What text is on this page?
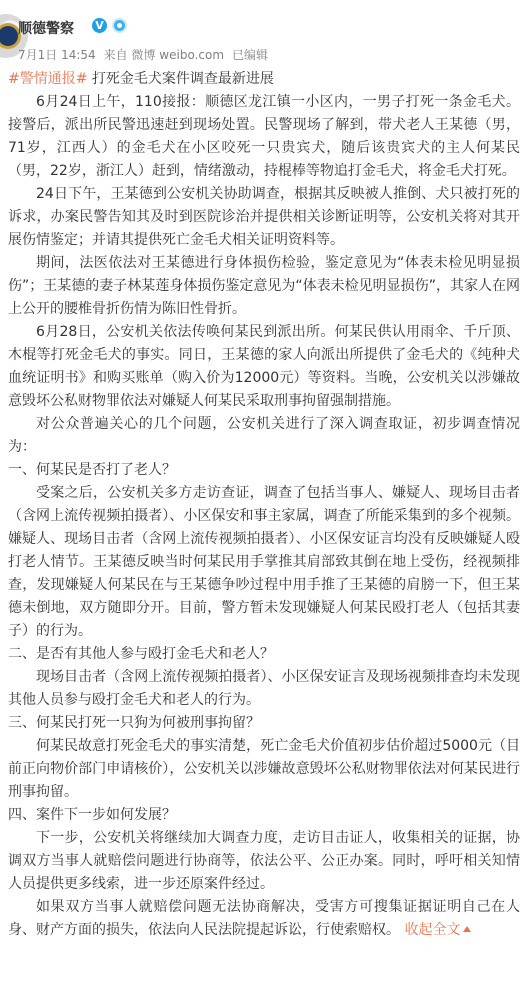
顺德警察 V
7月1日 14:54 来自 微博 weibo.com 已编辑

#警情通报# 打死金毛犬案件调查最新进展

6月24日上午，110接报：顺德区龙江镇一小区内，一男子打死一条金毛犬。接警后，派出所民警迅速赶到现场处置。民警现场了解到，带犬老人王某德（男，71岁，江西人）的金毛犬在小区咬死一只贵宾犬，随后该贵宾犬的主人何某民（男，22岁，浙江人）赶到，情绪激动，持棍棒等物追打金毛犬，将金毛犬打死。

24日下午，王某德到公安机关协助调查，根据其反映被人推倒、犬只被打死的诉求，办案民警告知其及时到医院诊治并提供相关诊断证明等，公安机关将对其开展伤情鉴定；并请其提供死亡金毛犬相关证明资料等。

期间，法医依法对王某德进行身体损伤检验，鉴定意见为“体表未检见明显损伤”；王某德的妻子林某莲身体损伤鉴定意见为“体表未检见明显损伤”，其家人在网上公开的腰椎骨折伤情为陈旧性骨折。

6月28日，公安机关依法传唤何某民到派出所。何某民供认用雨伞、千斤顶、木棍等打死金毛犬的事实。同日，王某德的家人向派出所提供了金毛犬的《纯种犬血统证明书》和购买账单（购入价为12000元）等资料。当晚，公安机关以涉嫌故意毁坏公私财物罪依法对嫌疑人何某民采取刑事拘留强制措施。

对公众普遍关心的几个问题，公安机关进行了深入调查取证，初步调查情况为：

一、何某民是否打了老人？

受案之后，公安机关多方走访查证，调查了包括当事人、嫌疑人、现场目击者（含网上流传视频拍摄者）、小区保安和事主家属，调查了所能采集到的多个视频。嫌疑人、现场目击者（含网上流传视频拍摄者）、小区保安证言均没有反映嫌疑人殴打老人情节。王某德反映当时何某民用手掌推其肩部致其倒在地上受伤，经视频排查，发现嫌疑人何某民在与王某德争吵过程中用手推了王某德的肩膀一下，但王某德未倒地，双方随即分开。目前，警方暂未发现嫌疑人何某民殴打老人（包括其妻子）的行为。

二、是否有其他人参与殴打金毛犬和老人？

现场目击者（含网上流传视频拍摄者）、小区保安证言及现场视频排查均未发现其他人员参与殴打金毛犬和老人的行为。

三、何某民打死一只狗为何被刑事拘留？

何某民故意打死金毛犬的事实清楚，死亡金毛犬价值初步估价超过5000元（目前正向物价部门申请核价），公安机关以涉嫌故意毁坏公私财物罪依法对何某民进行刑事拘留。

四、案件下一步如何发展？

下一步，公安机关将继续加大调查力度，走访目击证人，收集相关的证据，协调双方当事人就赔偿问题进行协商等，依法公平、公正办案。同时，呼吁相关知情人员提供更多线索，进一步还原案件经过。

如果双方当事人就赔偿问题无法协商解决，受害方可搜集证据证明自己在人身、财产方面的损失，依法向人民法院提起诉讼，行使索赔权。 收起全文
